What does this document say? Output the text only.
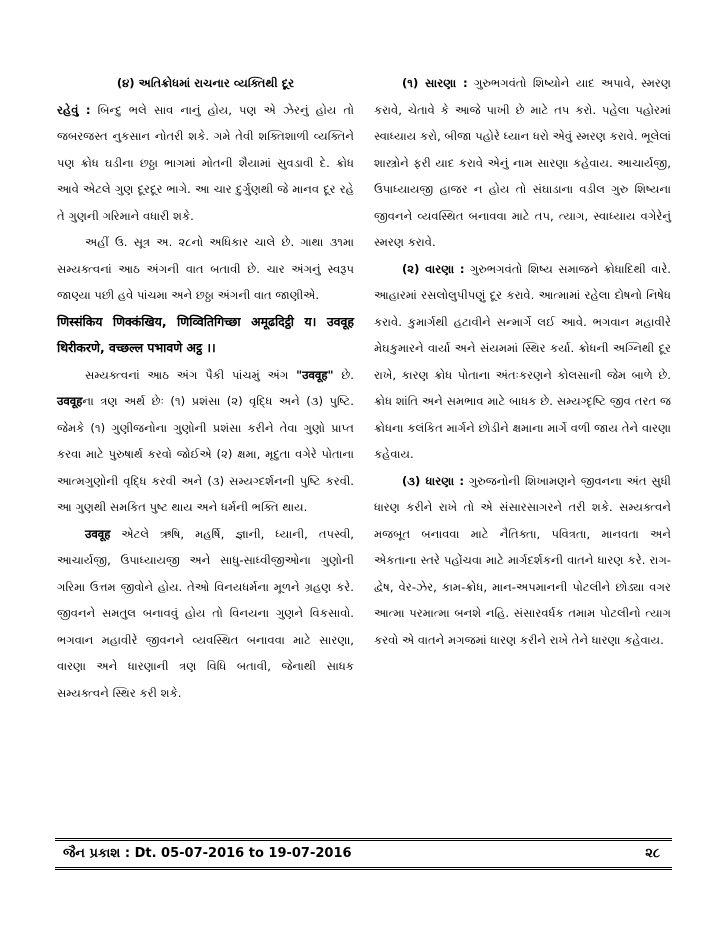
(૪) અતિક્રોધમાં રાચનાર વ્યક્તિથી દૂર

રહેવું : બિન્દુ ભલે સાવ નાનું હોય, પણ એ ઝેરનું હોય તો જબરજસ્ત નુકસાન નોતરી શકે. ગમે તેવી શક્તિશાળી વ્યક્તિને પણ ક્રોધ ઘડીના છઠ્ઠા ભાગમાં મોતની શૈયામાં સુવડાવી દે. ક્રોધ આવે એટલે ગુણ દૂરદૂર ભાગે. આ ચાર દુર્ગુણથી જે માનવ દૂર રહે તે ગુણની ગરિમાને વધારી શકે.

અહીં ઉ. સૂત્ર અ. ૨૮નો અધિકાર ચાલે છે. ગાથા ૩૧મા સમ્યક્ત્વનાં આઠ અંગની વાત બતાવી છે. ચાર અંગનું સ્વરૂપ જાણ્યા પછી હવે પાંચમા અને છઠ્ઠા અંગની વાત જાણીએ.

णिस्संकिय णिक्कंखिय, णिव्वितिगिच्छा अमूढदिट्ठी य। उववूह थिरीकरणे, वच्छल्ल पभावणे अट्ठ ।।

સમ્યક્ત્વનાં આઠ અંગ પૈકી પાંચમું અંગ "उववूह" છે. उववूहના ત્રણ અર્થ છેઃ (૧) પ્રશંસા (૨) વૃદ્ધિ અને (૩) પુષ્ટિ. જેમકે (૧) ગુણીજનોના ગુણોની પ્રશંસા કરીને તેવા ગુણો પ્રાપ્ત કરવા માટે પુરુષાર્થ કરવો જોઈએ (૨) ક્ષમા, મૃદુતા વગેરે પોતાના આત્મગુણોની વૃદ્ધિ કરવી અને (૩) સમ્યગ્દર્શનની પુષ્ટિ કરવી. આ ગુણથી સમકિત પુષ્ટ થાય અને ધર્મની ભક્તિ થાય.

उववूह એટલે ઋષિ, મહર્ષિ, જ્ઞાની, ધ્યાની, તપસ્વી, આચાર્યજી, ઉપાધ્યાયજી અને સાધુ-સાધ્વીજીઓના ગુણોની ગરિમા ઉત્તમ જીવોને હોય. તેઓ વિનયધર્મના મૂળને ગ્રહણ કરે. જીવનને સમતુલ બનાવવું હોય તો વિનયના ગુણને વિકસાવો. ભગવાન મહાવીરે જીવનને વ્યવસ્થિત બનાવવા માટે સારણા, વારણા અને ધારણાની ત્રણ વિધિ બતાવી, જેનાથી સાધક સમ્યક્ત્વને સ્થિર કરી શકે.

(૧) સારણા : ગુરુભગવંતો શિષ્યોને યાદ અપાવે, સ્મરણ કરાવે, ચેતાવે કે આજે પાખી છે માટે તપ કરો. પહેલા પહોરમાં સ્વાધ્યાય કરો, બીજા પહોરે ધ્યાન ધરો એવું સ્મરણ કરાવે. ભૂલેલાં શાસ્ત્રોને ફરી યાદ કરાવે એનું નામ સારણા કહેવાય. આચાર્યજી, ઉપાધ્યાયજી હાજર ન હોય તો સંઘાડાના વડીલ ગુરુ શિષ્યના જીવનને વ્યવસ્થિત બનાવવા માટે તપ, ત્યાગ, સ્વાધ્યાય વગેરેનું સ્મરણ કરાવે.

(૨) વારણા : ગુરુભગવંતો શિષ્ય સમાજને ક્રોધાદિથી વારે. આહારમાં રસલોલુપીપણું દૂર કરાવે. આત્મામાં રહેલા દોષનો નિષેધ કરાવે. કુમાર્ગથી હટાવીને સન્માર્ગે લઈ આવે. ભગવાન મહાવીરે મેઘકુમારને વાર્યા અને સંયમમાં સ્થિર કર્યા. ક્રોધની અગ્નિથી દૂર રાખે, કારણ ક્રોધ પોતાના અંતઃકરણને કોલસાની જેમ બાળે છે. ક્રોધ શાંતિ અને સમભાવ માટે બાધક છે. સમ્યગ્દૃષ્ટિ જીવ તરત જ ક્રોધના કલંકિત માર્ગને છોડીને ક્ષમાના માર્ગે વળી જાય તેને વારણા કહેવાય.

(૩) ધારણા : ગુરુજનોની શિખામણને જીવનના અંત સુધી ધારણ કરીને રાખે તો એ સંસારસાગરને તરી શકે. સમ્યક્ત્વને મજબૂત બનાવવા માટે નૈતિક્તા, પવિત્રતા, માનવતા અને એકતાના સ્તરે પહોંચવા માટે માર્ગદર્શકની વાતને ધારણ કરે. રાગ-દ્વેષ, વેર-ઝેર, કામ-ક્રોધ, માન-અપમાનની પોટલીને છોડ્યા વગર આત્મા પરમાત્મા બનશે નહિ. સંસારવર્ધક તમામ પોટલીનો ત્યાગ કરવો એ વાતને મગજમાં ધારણ કરીને રાખે તેને ધારણા કહેવાય.

જૈન પ્રકાશ : Dt. 05-07-2016 to 19-07-2016	૨૮
